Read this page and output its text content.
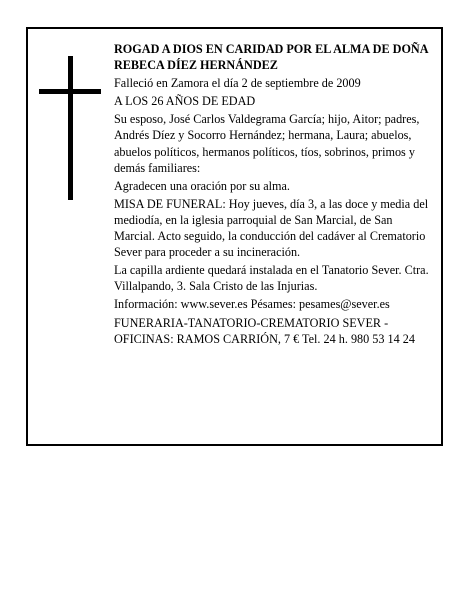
ROGAD A DIOS EN CARIDAD POR EL ALMA DE DOÑA REBECA DÍEZ HERNÁNDEZ

Falleció en Zamora el día 2 de septiembre de 2009

A LOS 26 AÑOS DE EDAD

Su esposo, José Carlos Valdegrama García; hijo, Aitor; padres, Andrés Díez y Socorro Hernández; hermana, Laura; abuelos, abuelos políticos, hermanos políticos, tíos, sobrinos, primos y demás familiares:

Agradecen una oración por su alma.

MISA DE FUNERAL: Hoy jueves, día 3, a las doce y media del mediodía, en la iglesia parroquial de San Marcial, de San Marcial. Acto seguido, la conducción del cadáver al Crematorio Sever para proceder a su incineración.

La capilla ardiente quedará instalada en el Tanatorio Sever. Ctra. Villalpando, 3. Sala Cristo de las Injurias.

Información: www.sever.es Pésames: pesames@sever.es

FUNERARIA-TANATORIO-CREMATORIO SEVER - OFICINAS: RAMOS CARRIÓN, 7 € Tel. 24 h. 980 53 14 24
